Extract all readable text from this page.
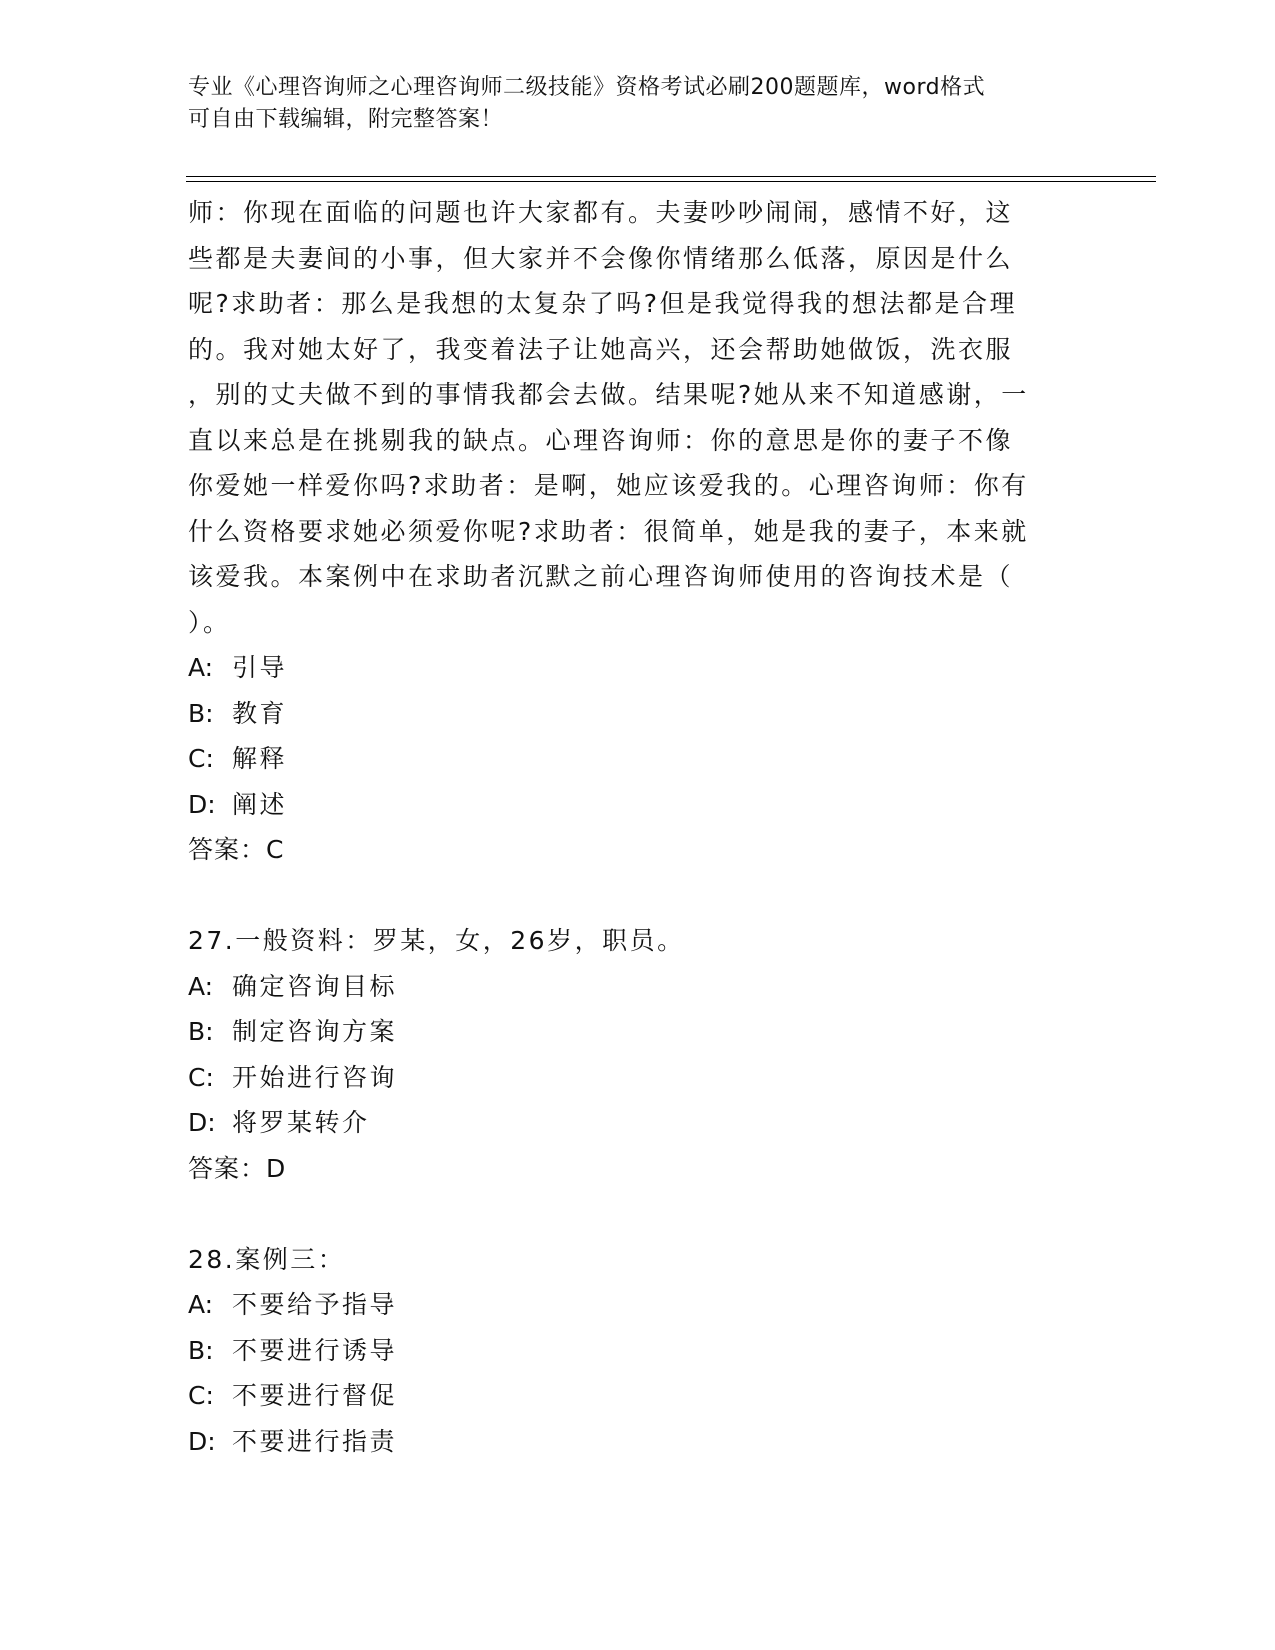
专业《心理咨询师之心理咨询师二级技能》资格考试必刷200题题库，word格式
可自由下载编辑，附完整答案！
师：你现在面临的问题也许大家都有。夫妻吵吵闹闹，感情不好，这
些都是夫妻间的小事，但大家并不会像你情绪那么低落，原因是什么
呢?求助者：那么是我想的太复杂了吗?但是我觉得我的想法都是合理
的。我对她太好了，我变着法子让她高兴，还会帮助她做饭，洗衣服
，别的丈夫做不到的事情我都会去做。结果呢?她从来不知道感谢，一
直以来总是在挑剔我的缺点。心理咨询师：你的意思是你的妻子不像
你爱她一样爱你吗?求助者：是啊，她应该爱我的。心理咨询师：你有
什么资格要求她必须爱你呢?求助者：很简单，她是我的妻子，本来就
该爱我。本案例中在求助者沉默之前心理咨询师使用的咨询技术是（
）。
A: 引导
B: 教育
C: 解释
D: 阐述
答案：C
27.一般资料：罗某，女，26岁，职员。
A: 确定咨询目标
B: 制定咨询方案
C: 开始进行咨询
D: 将罗某转介
答案：D
28.案例三：
A: 不要给予指导
B: 不要进行诱导
C: 不要进行督促
D: 不要进行指责
